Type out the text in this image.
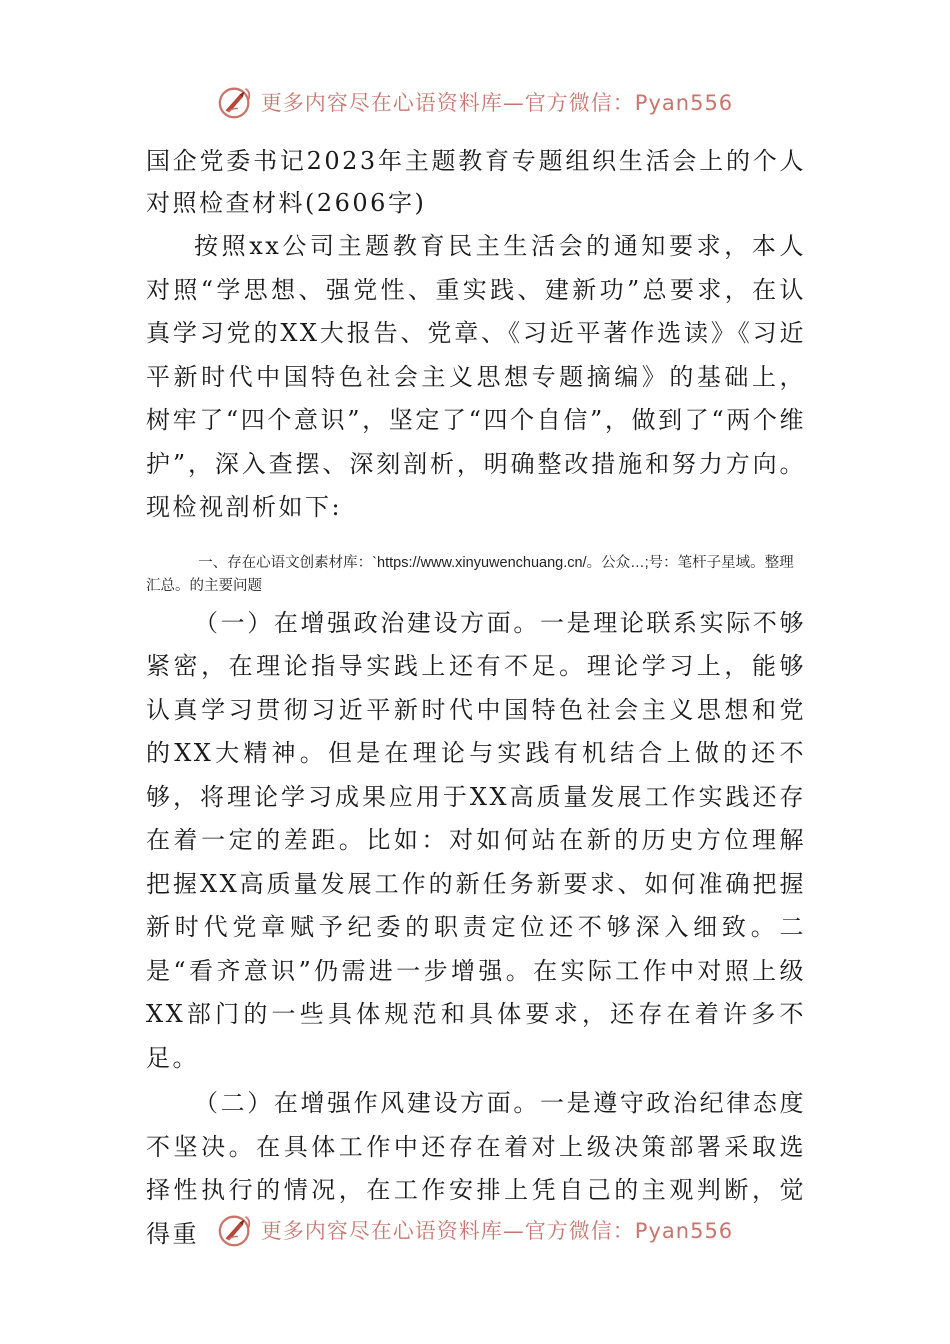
更多内容尽在心语资料库—官方微信：Pyan556
国企党委书记2023年主题教育专题组织生活会上的个人对照检查材料(2606字)

按照xx公司主题教育民主生活会的通知要求，本人对照“学思想、强党性、重实践、建新功”总要求，在认真学习党的XX大报告、党章、《习近平著作选读》《习近平新时代中国特色社会主义思想专题摘编》的基础上，树牢了“四个意识”，坚定了“四个自信”，做到了“两个维护”，深入查摆、深刻剖析，明确整改措施和努力方向。现检视剖析如下:

一、存在心语文创素材库：`https://www.xinyuwenchuang.cn/。公众…;号：笔杆子星域。整理汇总。的主要问题

（一）在增强政治建设方面。一是理论联系实际不够紧密，在理论指导实践上还有不足。理论学习上，能够认真学习贯彻习近平新时代中国特色社会主义思想和党的XX大精神。但是在理论与实践有机结合上做的还不够，将理论学习成果应用于XX高质量发展工作实践还存在着一定的差距。比如：对如何站在新的历史方位理解把握XX高质量发展工作的新任务新要求、如何准确把握新时代党章赋予纪委的职责定位还不够深入细致。二是“看齐意识”仍需进一步增强。在实际工作中对照上级XX部门的一些具体规范和具体要求，还存在着许多不足。

（二）在增强作风建设方面。一是遵守政治纪律态度不坚决。在具体工作中还存在着对上级决策部署采取选择性执行的情况，在工作安排上凭自己的主观判断，觉得重	更多内容尽在心语资料库—官方微信：Pyan556
